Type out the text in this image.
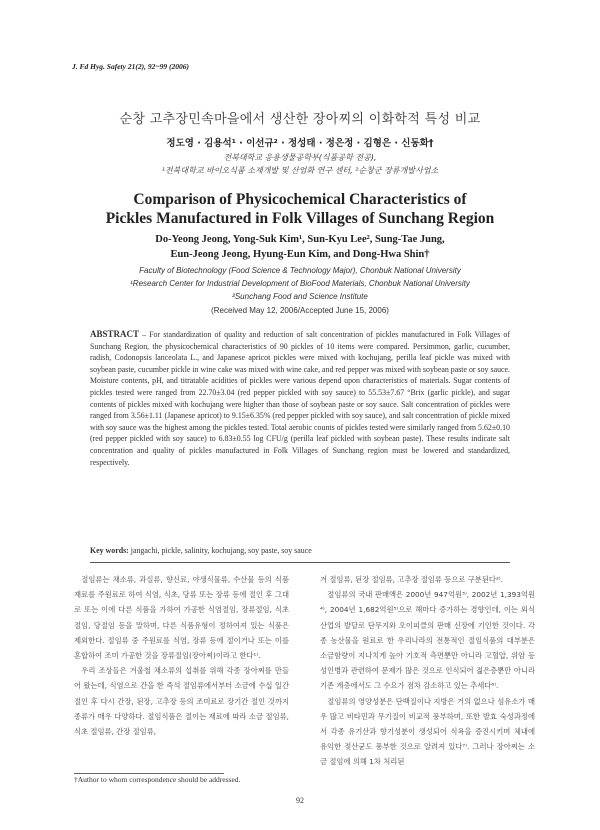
J. Fd Hyg. Safety 21(2), 92~99 (2006)
순창 고추장민속마을에서 생산한 장아찌의 이화학적 특성 비교
정도영 · 김용석¹ · 이선규² · 정성태 · 정은정 · 김형은 · 신동화†
전북대학교 응용생물공학부(식품공학 전공),
¹전북대학교 바이오식품 소재개발 및 산업화 연구 센터, ²순창군 장류개발사업소
Comparison of Physicochemical Characteristics of
Pickles Manufactured in Folk Villages of Sunchang Region
Do-Yeong Jeong, Yong-Suk Kim¹, Sun-Kyu Lee², Sung-Tae Jung,
Eun-Jeong Jeong, Hyung-Eun Kim, and Dong-Hwa Shin†
Faculty of Biotechnology (Food Science & Technology Major), Chonbuk National University
¹Research Center for Industrial Development of BioFood Materials, Chonbuk National University
²Sunchang Food and Science Institute
(Received May 12, 2006/Accepted June 15, 2006)
ABSTRACT – For standardization of quality and reduction of salt concentration of pickles manufactured in Folk Villages of Sunchang Region, the physicochemical characteristics of 90 pickles of 10 items were compared. Persimmon, garlic, cucumber, radish, Codonopsis lanceolata L., and Japanese apricot pickles were mixed with kochujang, perilla leaf pickle was mixed with soybean paste, cucumber pickle in wine cake was mixed with wine cake, and red pepper was mixed with soybean paste or soy sauce. Moisture contents, pH, and titratable acidities of pickles were various depend upon characteristics of materials. Sugar contents of pickles tested were ranged from 22.70±3.04 (red pepper pickled with soy sauce) to 55.53±7.67 °Brix (garlic pickle), and sugar contents of pickles mixed with kochujang were higher than those of soybean paste or soy sauce. Salt concentration of pickles were ranged from 3.56±1.11 (Japanese apricot) to 9.15±6.35% (red pepper pickled with soy sauce), and salt concentration of pickle mixed with soy sauce was the highest among the pickles tested. Total aerobic counts of pickles tested were similarly ranged from 5.62±0.10 (red pepper pickled with soy sauce) to 6.83±0.55 log CFU/g (perilla leaf pickled with soybean paste). These results indicate salt concentration and quality of pickles manufactured in Folk Villages of Sunchang region must be lowered and standardized, respectively.
Key words: jangachi, pickle, salinity, kochujang, soy paste, soy sauce

절임류는 채소류, 과실류, 향신료, 야생식물류, 수산물 등의 식품재료를 주원료로 하여 식염, 식초, 당류 또는 장류 등에 절인 후 그대로 또는 이에 다른 식품을 가하여 가공한 식염절임, 장류절임, 식초절임, 당절임 등을 말하며, 다른 식품유형이 정하여져 있는 식품은 제외한다. 절임류 중 주원료를 식염, 장류 등에 절이거나 또는 이를 혼합하여 조미 가공한 것을 장류절임(장아찌)이라고 한다¹⁾.

우리 조상들은 겨울철 채소류의 섭취를 위해 각종 장아찌를 만들어 왔는데, 식염으로 간을 한 즉석 절임류에서부터 소금에 수십 일간 절인 후 다시 간장, 된장, 고추장 등의 조미료로 장기간 절인 것까지 종류가 매우 다양하다. 절임식품은 절이는 재료에 따라 소금 절임류, 식초 절임류, 간장 절임류,

겨 절임류, 된장 절임류, 고추장 절임류 등으로 구분된다²⁾.

절임류의 국내 판매액은 2000년 947억원³⁾, 2002년 1,393억원⁴⁾, 2004년 1,682억원⁵⁾으로 해마다 증가하는 경향인데, 이는 외식산업의 발달로 단무지와 오이피클의 판매 신장에 기인한 것이다. 각종 농산물을 원료로 한 우리나라의 전통적인 절임식품의 대부분은 소금함량이 지나치게 높아 기호적 측면뿐만 아니라 고혈압, 위암 등 성인병과 관련하여 문제가 많은 것으로 인식되어 젊은층뿐만 아니라 기존 계층에서도 그 수요가 점차 감소하고 있는 추세다⁶⁾.

절임류의 영양성분은 단백질이나 지방은 거의 없으나 섬유소가 매우 많고 비타민과 무기질이 비교적 풍부하며, 또한 발효 숙성과정에서 각종 유기산과 향기성분이 생성되어 식욕을 증진시키며 체내에 유익한 젖산균도 풍부한 것으로 알려져 있다⁷⁾. 그러나 장아찌는 소금 절임에 의해 1차 처리된

†Author to whom correspondence should be addressed.
92
